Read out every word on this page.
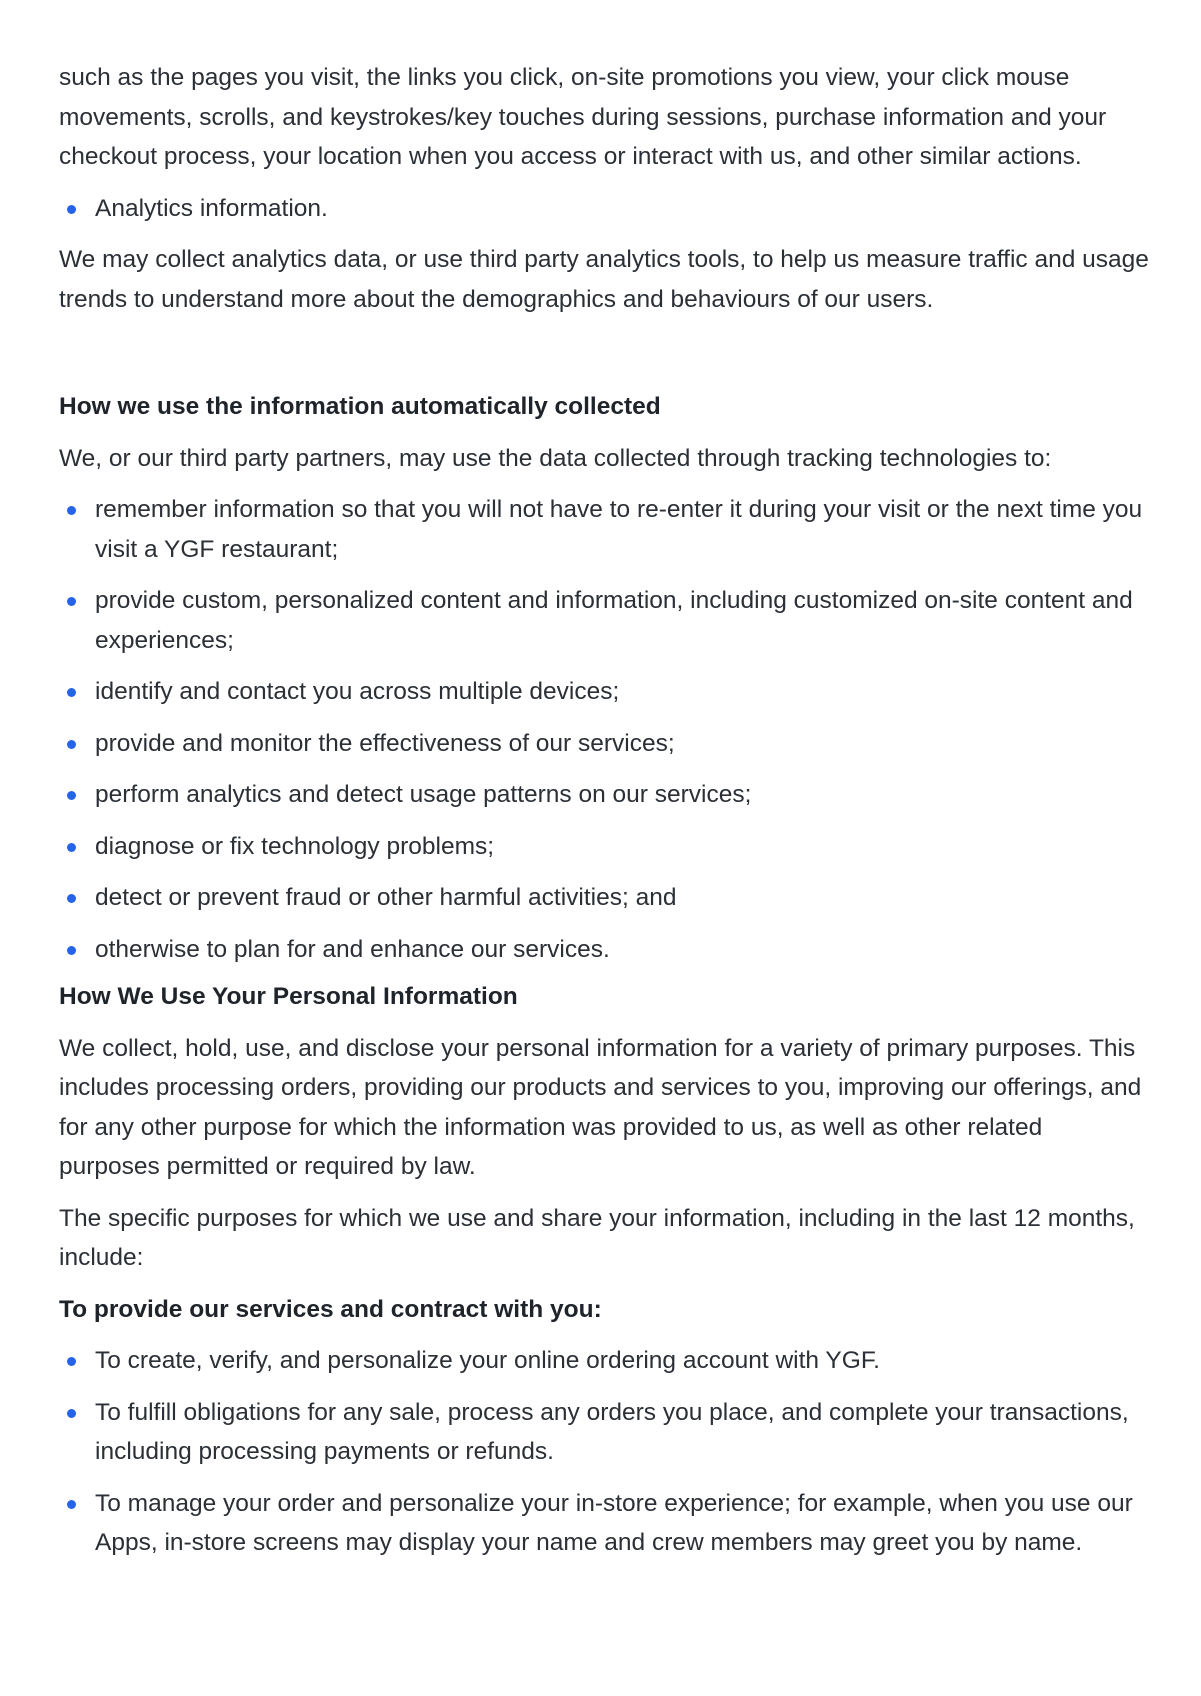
such as the pages you visit, the links you click, on-site promotions you view, your click mouse movements, scrolls, and keystrokes/key touches during sessions, purchase information and your checkout process, your location when you access or interact with us, and other similar actions.

Analytics information.

We may collect analytics data, or use third party analytics tools, to help us measure traffic and usage trends to understand more about the demographics and behaviours of our users.

How we use the information automatically collected

We, or our third party partners, may use the data collected through tracking technologies to:

remember information so that you will not have to re-enter it during your visit or the next time you visit a YGF restaurant;
provide custom, personalized content and information, including customized on-site content and experiences;
identify and contact you across multiple devices;
provide and monitor the effectiveness of our services;
perform analytics and detect usage patterns on our services;
diagnose or fix technology problems;
detect or prevent fraud or other harmful activities; and
otherwise to plan for and enhance our services.
How We Use Your Personal Information

We collect, hold, use, and disclose your personal information for a variety of primary purposes. This includes processing orders, providing our products and services to you, improving our offerings, and for any other purpose for which the information was provided to us, as well as other related purposes permitted or required by law.

The specific purposes for which we use and share your information, including in the last 12 months, include:

To provide our services and contract with you:
To create, verify, and personalize your online ordering account with YGF.
To fulfill obligations for any sale, process any orders you place, and complete your transactions, including processing payments or refunds.
To manage your order and personalize your in-store experience; for example, when you use our Apps, in-store screens may display your name and crew members may greet you by name.
